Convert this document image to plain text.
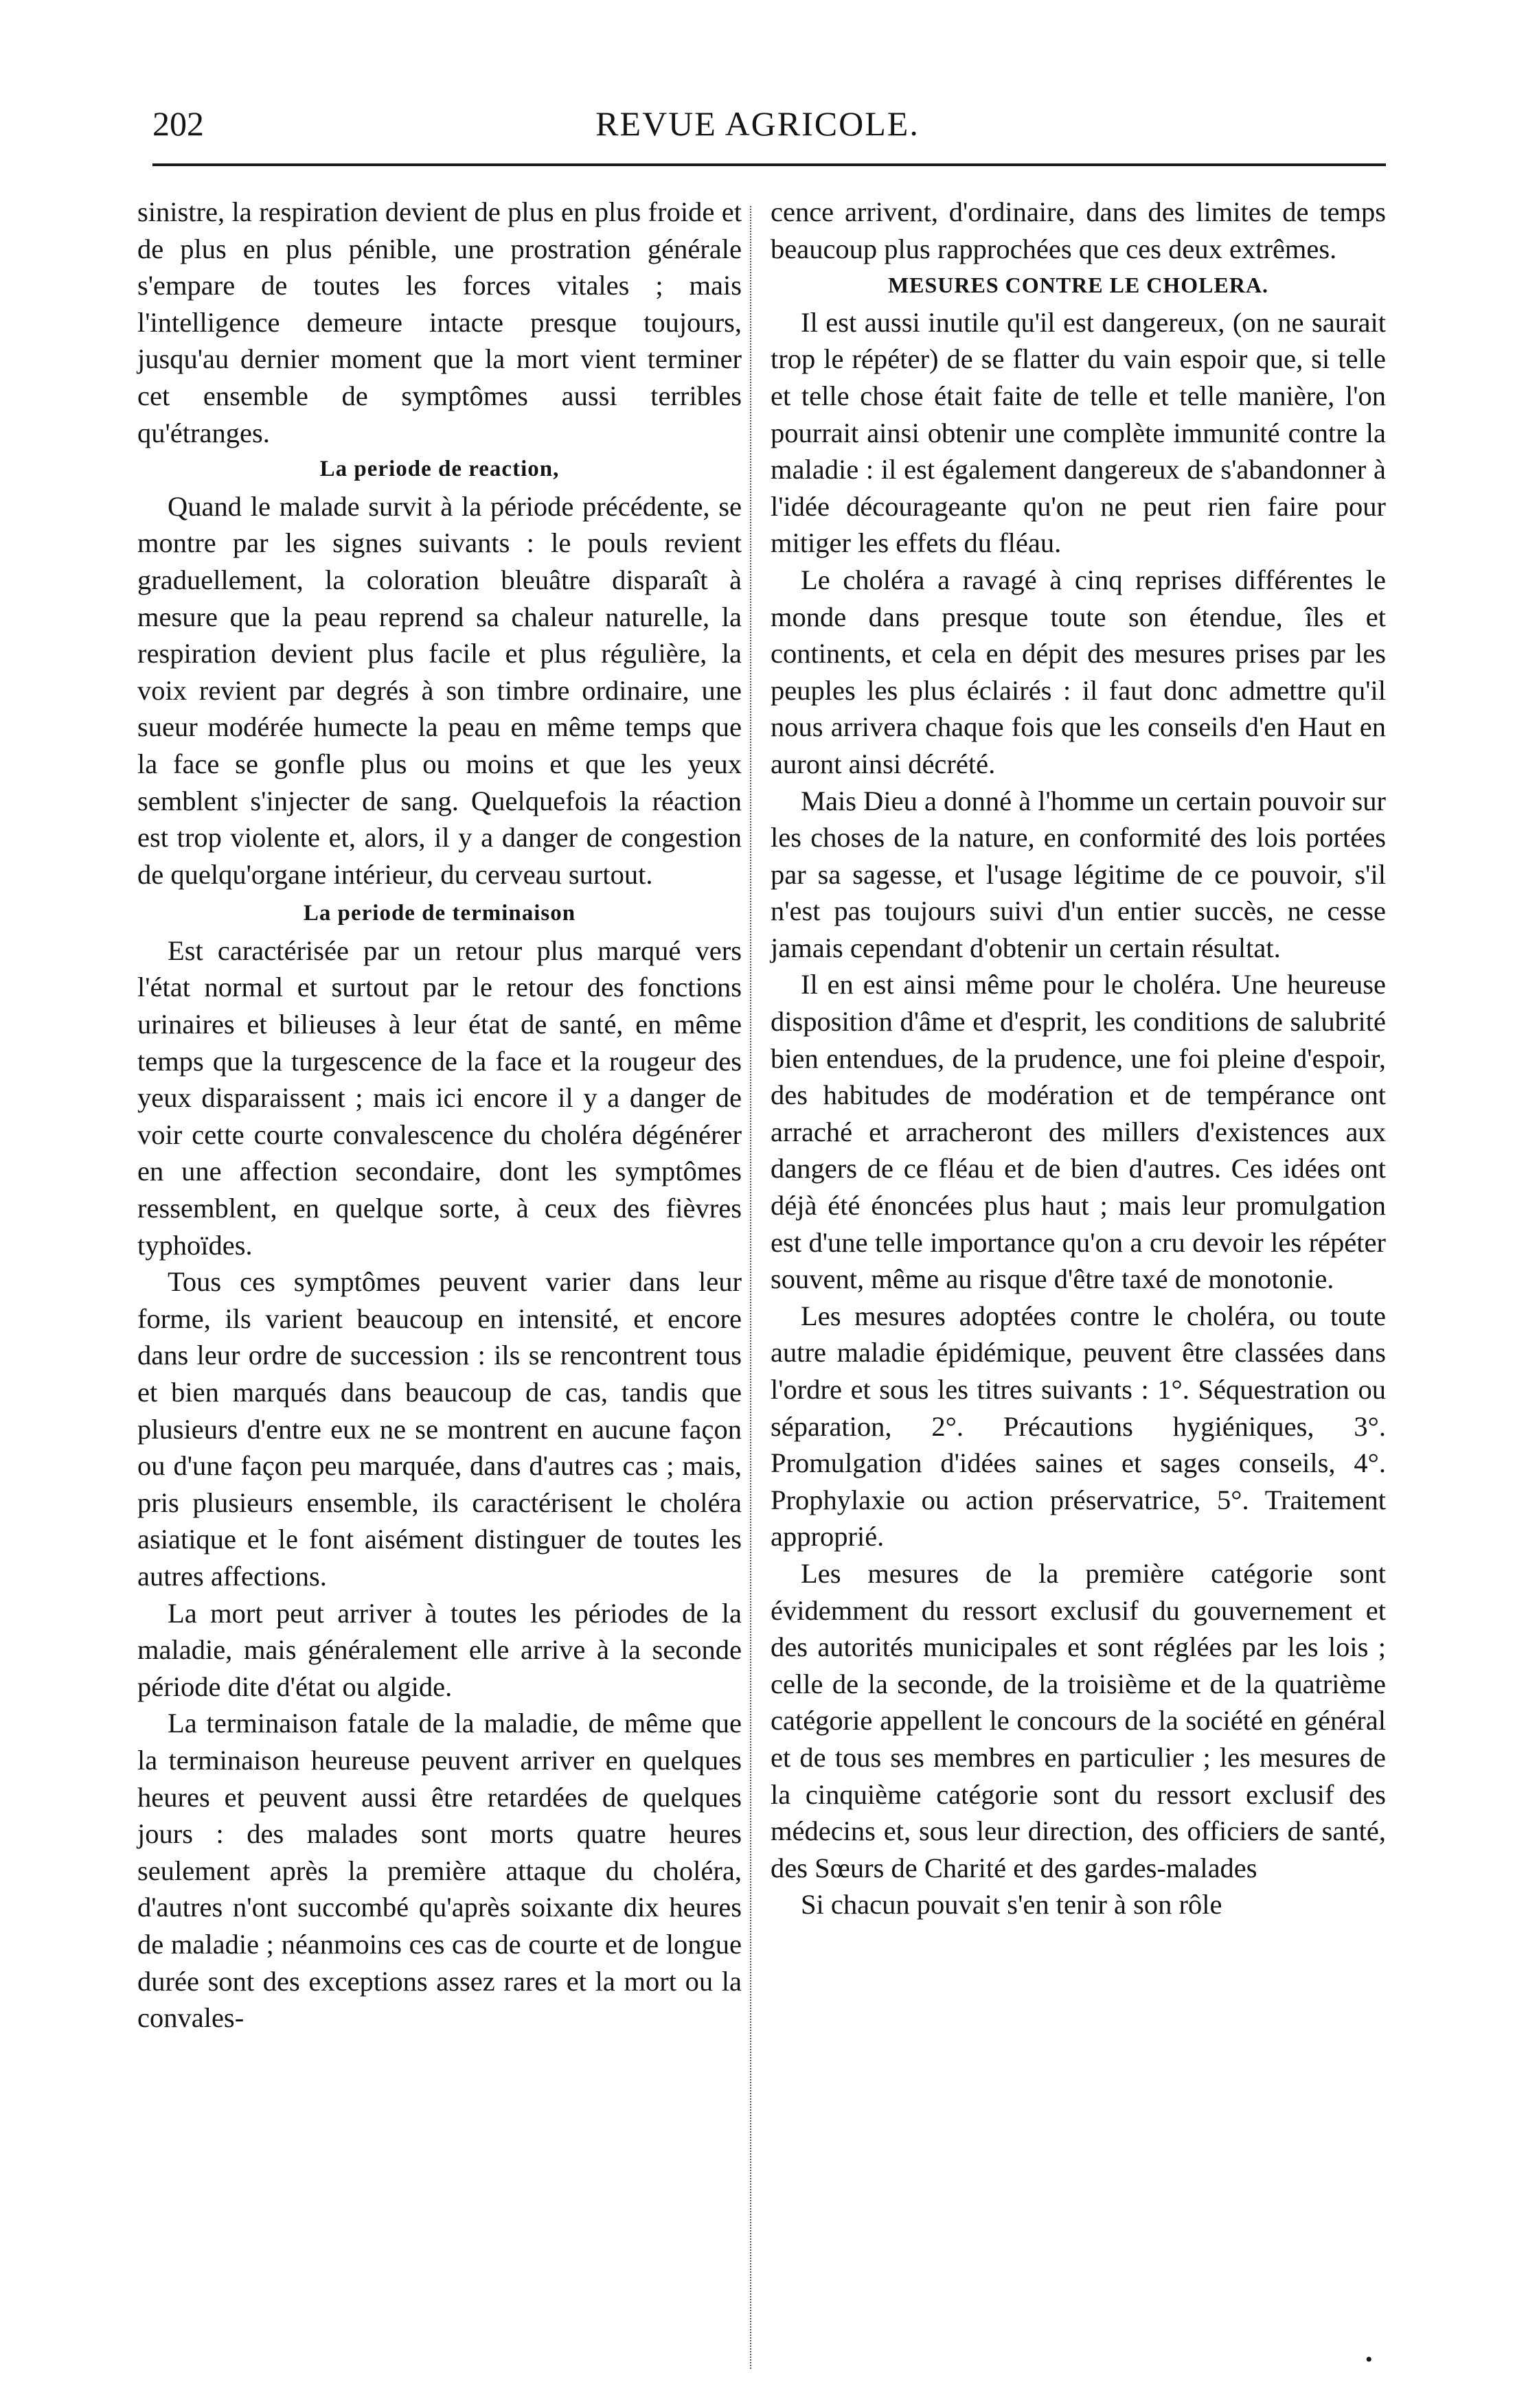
202	REVUE AGRICOLE.

sinistre, la respiration devient de plus en plus froide et de plus en plus pénible, une prostration générale s'empare de toutes les forces vitales ; mais l'intelligence demeure intacte presque toujours, jusqu'au dernier moment que la mort vient terminer cet ensemble de symptômes aussi terribles qu'étranges.

La periode de reaction,

Quand le malade survit à la période précédente, se montre par les signes suivants : le pouls revient graduellement, la coloration bleuâtre disparaît à mesure que la peau reprend sa chaleur naturelle, la respiration devient plus facile et plus régulière, la voix revient par degrés à son timbre ordinaire, une sueur modérée humecte la peau en même temps que la face se gonfle plus ou moins et que les yeux semblent s'injecter de sang. Quelquefois la réaction est trop violente et, alors, il y a danger de congestion de quelqu'organe intérieur, du cerveau surtout.

La periode de terminaison

Est caractérisée par un retour plus marqué vers l'état normal et surtout par le retour des fonctions urinaires et bilieuses à leur état de santé, en même temps que la turgescence de la face et la rougeur des yeux disparaissent ; mais ici encore il y a danger de voir cette courte convalescence du choléra dégénérer en une affection secondaire, dont les symptômes ressemblent, en quelque sorte, à ceux des fièvres typhoïdes.

Tous ces symptômes peuvent varier dans leur forme, ils varient beaucoup en intensité, et encore dans leur ordre de succession : ils se rencontrent tous et bien marqués dans beaucoup de cas, tandis que plusieurs d'entre eux ne se montrent en aucune façon ou d'une façon peu marquée, dans d'autres cas ; mais, pris plusieurs ensemble, ils caractérisent le choléra asiatique et le font aisément distinguer de toutes les autres affections.

La mort peut arriver à toutes les périodes de la maladie, mais généralement elle arrive à la seconde période dite d'état ou algide.

La terminaison fatale de la maladie, de même que la terminaison heureuse peuvent arriver en quelques heures et peuvent aussi être retardées de quelques jours : des malades sont morts quatre heures seulement après la première attaque du choléra, d'autres n'ont succombé qu'après soixante dix heures de maladie ; néanmoins ces cas de courte et de longue durée sont des exceptions assez rares et la mort ou la convales-

cence arrivent, d'ordinaire, dans des limites de temps beaucoup plus rapprochées que ces deux extrêmes.

MESURES CONTRE LE CHOLERA.

Il est aussi inutile qu'il est dangereux, (on ne saurait trop le répéter) de se flatter du vain espoir que, si telle et telle chose était faite de telle et telle manière, l'on pourrait ainsi obtenir une complète immunité contre la maladie : il est également dangereux de s'abandonner à l'idée décourageante qu'on ne peut rien faire pour mitiger les effets du fléau.

Le choléra a ravagé à cinq reprises différentes le monde dans presque toute son étendue, îles et continents, et cela en dépit des mesures prises par les peuples les plus éclairés : il faut donc admettre qu'il nous arrivera chaque fois que les conseils d'en Haut en auront ainsi décrété.

Mais Dieu a donné à l'homme un certain pouvoir sur les choses de la nature, en conformité des lois portées par sa sagesse, et l'usage légitime de ce pouvoir, s'il n'est pas toujours suivi d'un entier succès, ne cesse jamais cependant d'obtenir un certain résultat.

Il en est ainsi même pour le choléra. Une heureuse disposition d'âme et d'esprit, les conditions de salubrité bien entendues, de la prudence, une foi pleine d'espoir, des habitudes de modération et de tempérance ont arraché et arracheront des millers d'existences aux dangers de ce fléau et de bien d'autres. Ces idées ont déjà été énoncées plus haut ; mais leur promulgation est d'une telle importance qu'on a cru devoir les répéter souvent, même au risque d'être taxé de monotonie.

Les mesures adoptées contre le choléra, ou toute autre maladie épidémique, peuvent être classées dans l'ordre et sous les titres suivants : 1°. Séquestration ou séparation, 2°. Précautions hygiéniques, 3°. Promulgation d'idées saines et sages conseils, 4°. Prophylaxie ou action préservatrice, 5°. Traitement approprié.

Les mesures de la première catégorie sont évidemment du ressort exclusif du gouvernement et des autorités municipales et sont réglées par les lois ; celle de la seconde, de la troisième et de la quatrième catégorie appellent le concours de la société en général et de tous ses membres en particulier ; les mesures de la cinquième catégorie sont du ressort exclusif des médecins et, sous leur direction, des officiers de santé, des Sœurs de Charité et des gardes-malades

Si chacun pouvait s'en tenir à son rôle

•
